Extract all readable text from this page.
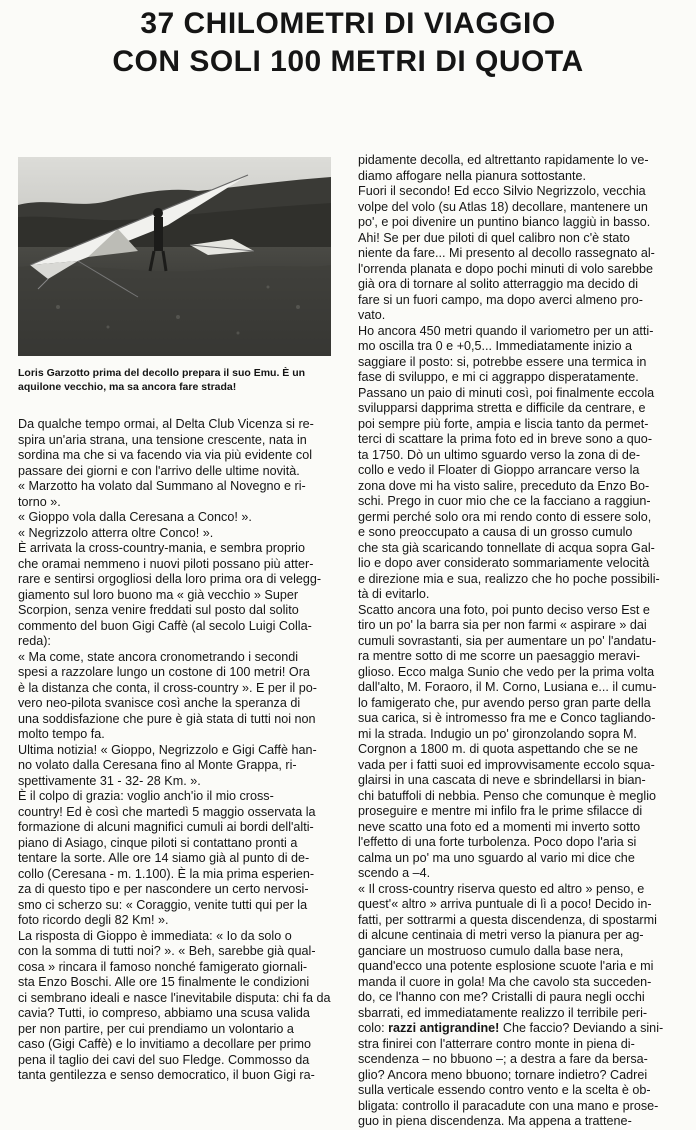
37 CHILOMETRI DI VIAGGIO
CON SOLI 100 METRI DI QUOTA

Loris Garzotto prima del decollo prepara il suo Emu. È un aquilone vecchio, ma sa ancora fare strada!

Da qualche tempo ormai, al Delta Club Vicenza si re-
spira un'aria strana, una tensione crescente, nata in
sordina ma che si va facendo via via più evidente col
passare dei giorni e con l'arrivo delle ultime novità.
« Marzotto ha volato dal Summano al Novegno e ri-
torno ».
« Gioppo vola dalla Ceresana a Conco! ».
« Negrizzolo atterra oltre Conco! ».
È arrivata la cross-country-mania, e sembra proprio
che oramai nemmeno i nuovi piloti possano più atter-
rare e sentirsi orgogliosi della loro prima ora di velegg-
giamento sul loro buono ma « già vecchio » Super
Scorpion, senza venire freddati sul posto dal solito
commento del buon Gigi Caffè (al secolo Luigi Colla-
reda):
« Ma come, state ancora cronometrando i secondi
spesi a razzolare lungo un costone di 100 metri! Ora
è la distanza che conta, il cross-country ». E per il po-
vero neo-pilota svanisce così anche la speranza di
una soddisfazione che pure è già stata di tutti noi non
molto tempo fa.
Ultima notizia! « Gioppo, Negrizzolo e Gigi Caffè han-
no volato dalla Ceresana fino al Monte Grappa, ri-
spettivamente 31 - 32- 28 Km. ».
È il colpo di grazia: voglio anch'io il mio cross-
country! Ed è così che martedì 5 maggio osservata la
formazione di alcuni magnifici cumuli ai bordi dell'alti-
piano di Asiago, cinque piloti si contattano pronti a
tentare la sorte. Alle ore 14 siamo già al punto di de-
collo (Ceresana - m. 1.100). È la mia prima esperien-
za di questo tipo e per nascondere un certo nervosi-
smo ci scherzo su: « Coraggio, venite tutti qui per la
foto ricordo degli 82 Km! ».
La risposta di Gioppo è immediata: « Io da solo o
con la somma di tutti noi? ». « Beh, sarebbe già qual-
cosa » rincara il famoso nonché famigerato giornali-
sta Enzo Boschi. Alle ore 15 finalmente le condizioni
ci sembrano ideali e nasce l'inevitabile disputa: chi fa da
cavia? Tutti, io compreso, abbiamo una scusa valida
per non partire, per cui prendiamo un volontario a
caso (Gigi Caffè) e lo invitiamo a decollare per primo
pena il taglio dei cavi del suo Fledge. Commosso da
tanta gentilezza e senso democratico, il buon Gigi ra-
pidamente decolla, ed altrettanto rapidamente lo ve-
diamo affogare nella pianura sottostante.
Fuori il secondo! Ed ecco Silvio Negrizzolo, vecchia
volpe del volo (su Atlas 18) decollare, mantenere un
po', e poi divenire un puntino bianco laggiù in basso.
Ahi! Se per due piloti di quel calibro non c'è stato
niente da fare... Mi presento al decollo rassegnato al-
l'orrenda planata e dopo pochi minuti di volo sarebbe
già ora di tornare al solito atterraggio ma decido di
fare si un fuori campo, ma dopo averci almeno pro-
vato.
Ho ancora 450 metri quando il variometro per un atti-
mo oscilla tra 0 e +0,5... Immediatamente inizio a
saggiare il posto: si, potrebbe essere una termica in
fase di sviluppo, e mi ci aggrappo disperatamente.
Passano un paio di minuti così, poi finalmente eccola
svilupparsi dapprima stretta e difficile da centrare, e
poi sempre più forte, ampia e liscia tanto da permet-
terci di scattare la prima foto ed in breve sono a quo-
ta 1750. Dò un ultimo sguardo verso la zona di de-
collo e vedo il Floater di Gioppo arrancare verso la
zona dove mi ha visto salire, preceduto da Enzo Bo-
schi. Prego in cuor mio che ce la facciano a raggiun-
germi perché solo ora mi rendo conto di essere solo,
e sono preoccupato a causa di un grosso cumulo
che sta già scaricando tonnellate di acqua sopra Gal-
lio e dopo aver considerato sommariamente velocità
e direzione mia e sua, realizzo che ho poche possibili-
tà di evitarlo.
Scatto ancora una foto, poi punto deciso verso Est e
tiro un po' la barra sia per non farmi « aspirare » dai
cumuli sovrastanti, sia per aumentare un po' l'andatu-
ra mentre sotto di me scorre un paesaggio meravi-
glioso. Ecco malga Sunio che vedo per la prima volta
dall'alto, M. Foraoro, il M. Corno, Lusiana e... il cumu-
lo famigerato che, pur avendo perso gran parte della
sua carica, si è intromesso fra me e Conco tagliando-
mi la strada. Indugio un po' gironzolando sopra M.
Corgnon a 1800 m. di quota aspettando che se ne
vada per i fatti suoi ed improvvisamente eccolo squa-
glairsi in una cascata di neve e sbrindellarsi in bian-
chi batuffoli di nebbia. Penso che comunque è meglio
proseguire e mentre mi infilo fra le prime sfilacce di
neve scatto una foto ed a momenti mi inverto sotto
l'effetto di una forte turbolenza. Poco dopo l'aria si
calma un po' ma uno sguardo al vario mi dice che
scendo a –4.
« Il cross-country riserva questo ed altro » penso, e
quest'« altro » arriva puntuale di lì a poco! Decido in-
fatti, per sottrarmi a questa discendenza, di spostarmi
di alcune centinaia di metri verso la pianura per ag-
ganciare un mostruoso cumulo dalla base nera,
quand'ecco una potente esplosione scuote l'aria e mi
manda il cuore in gola! Ma che cavolo sta succeden-
do, ce l'hanno con me? Cristalli di paura negli occhi
sbarrati, ed immediatamente realizzo il terribile peri-
colo: razzi antigrandine! Che faccio? Deviando a sini-
stra finirei con l'atterrare contro monte in piena di-
scendenza – no bbuono –; a destra a fare da bersa-
glio? Ancora meno bbuono; tornare indietro? Cadrei
sulla verticale essendo contro vento e la scelta è ob-
bligata: controllo il paracadute con una mano e prose-
guo in piena discendenza. Ma appena a trattene-
